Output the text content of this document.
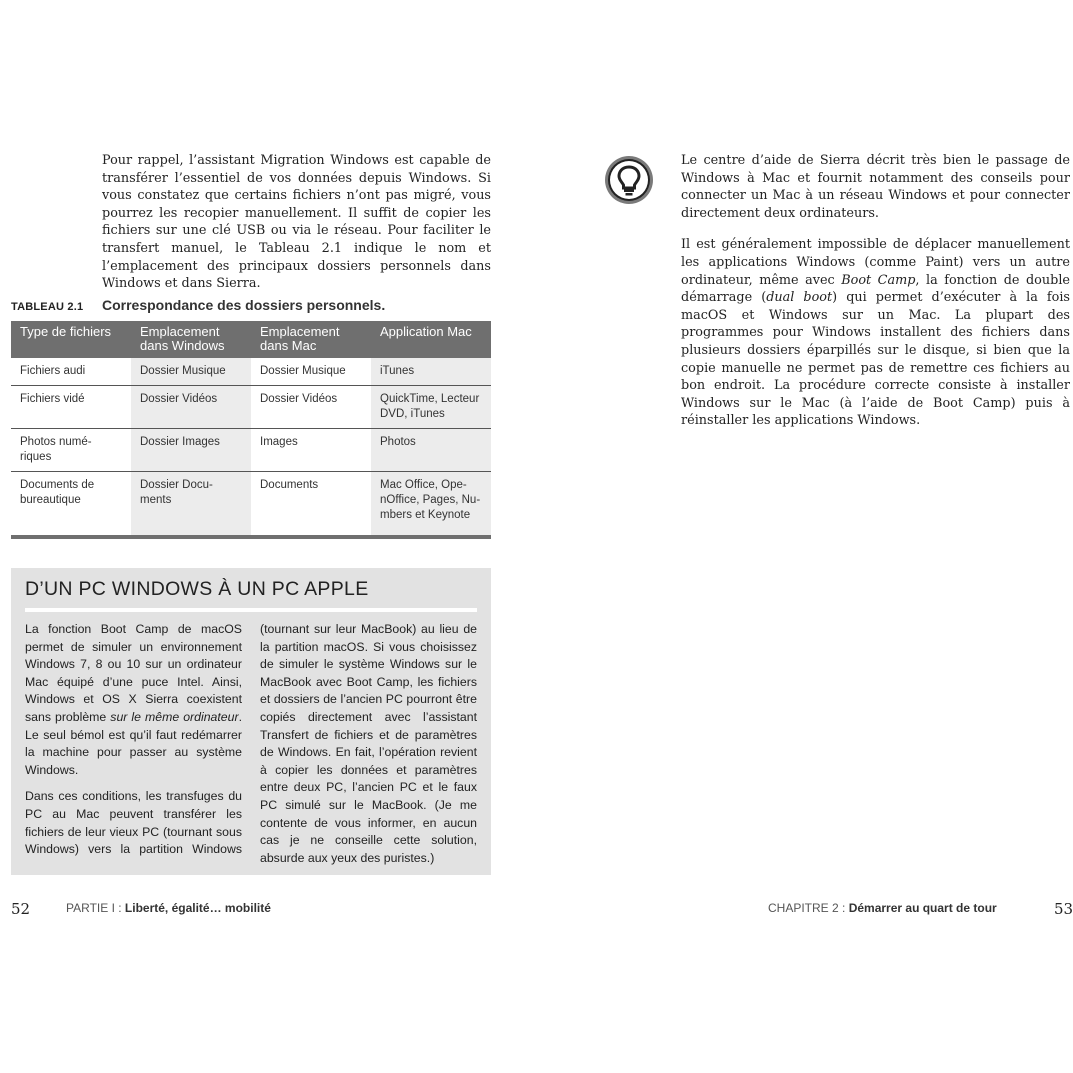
Pour rappel, l’assistant Migration Windows est capable de transférer l’essentiel de vos données depuis Windows. Si vous constatez que certains fichiers n’ont pas migré, vous pourrez les recopier manuellement. Il suffit de copier les fichiers sur une clé USB ou via le réseau. Pour faciliter le transfert manuel, le Tableau 2.1 indique le nom et l’emplacement des principaux dossiers personnels dans Windows et dans Sierra.
TABLEAU 2.1 Correspondance des dossiers personnels.
Type de fichiers	Emplacement dans Windows	Emplacement dans Mac	Application Mac
Fichiers audi	Dossier Musique	Dossier Musique	iTunes
Fichiers vidé	Dossier Vidéos	Dossier Vidéos	QuickTime, Lecteur DVD, iTunes
Photos numé-riques	Dossier Images	Images	Photos
Documents de bureautique	Dossier Docu-ments	Documents	Mac Office, Ope-nOffice, Pages, Nu-mbers et Keynote
D’UN PC WINDOWS À UN PC APPLE

La fonction Boot Camp de macOS permet de simuler un environnement Windows 7, 8 ou 10 sur un ordinateur Mac équipé d’une puce Intel. Ainsi, Windows et OS X Sierra coexistent sans problème sur le même ordinateur. Le seul bémol est qu’il faut redémarrer la machine pour passer au système Windows.

Dans ces conditions, les transfuges du PC au Mac peuvent transférer les fichiers de leur vieux PC (tournant sous Windows) vers la partition Windows (tournant sur leur MacBook) au lieu de la partition macOS. Si vous choisissez de simuler le système Windows sur le MacBook avec Boot Camp, les fichiers et dossiers de l’ancien PC pourront être copiés directement avec l’assistant Transfert de fichiers et de paramètres de Windows. En fait, l’opération revient à copier les données et paramètres entre deux PC, l’ancien PC et le faux PC simulé sur le MacBook. (Je me contente de vous informer, en aucun cas je ne conseille cette solution, absurde aux yeux des puristes.)

52	PARTIE I : Liberté, égalité… mobilité

Le centre d’aide de Sierra décrit très bien le passage de Windows à Mac et fournit notamment des conseils pour connecter un Mac à un réseau Windows et pour connecter directement deux ordinateurs.

Il est généralement impossible de déplacer manuellement les applications Windows (comme Paint) vers un autre ordinateur, même avec Boot Camp, la fonction de double démarrage (dual boot) qui permet d’exécuter à la fois macOS et Windows sur un Mac. La plupart des programmes pour Windows installent des fichiers dans plusieurs dossiers éparpillés sur le disque, si bien que la copie manuelle ne permet pas de remettre ces fichiers au bon endroit. La procédure correcte consiste à installer Windows sur le Mac (à l’aide de Boot Camp) puis à réinstaller les applications Windows.

CHAPITRE 2 : Démarrer au quart de tour	53
